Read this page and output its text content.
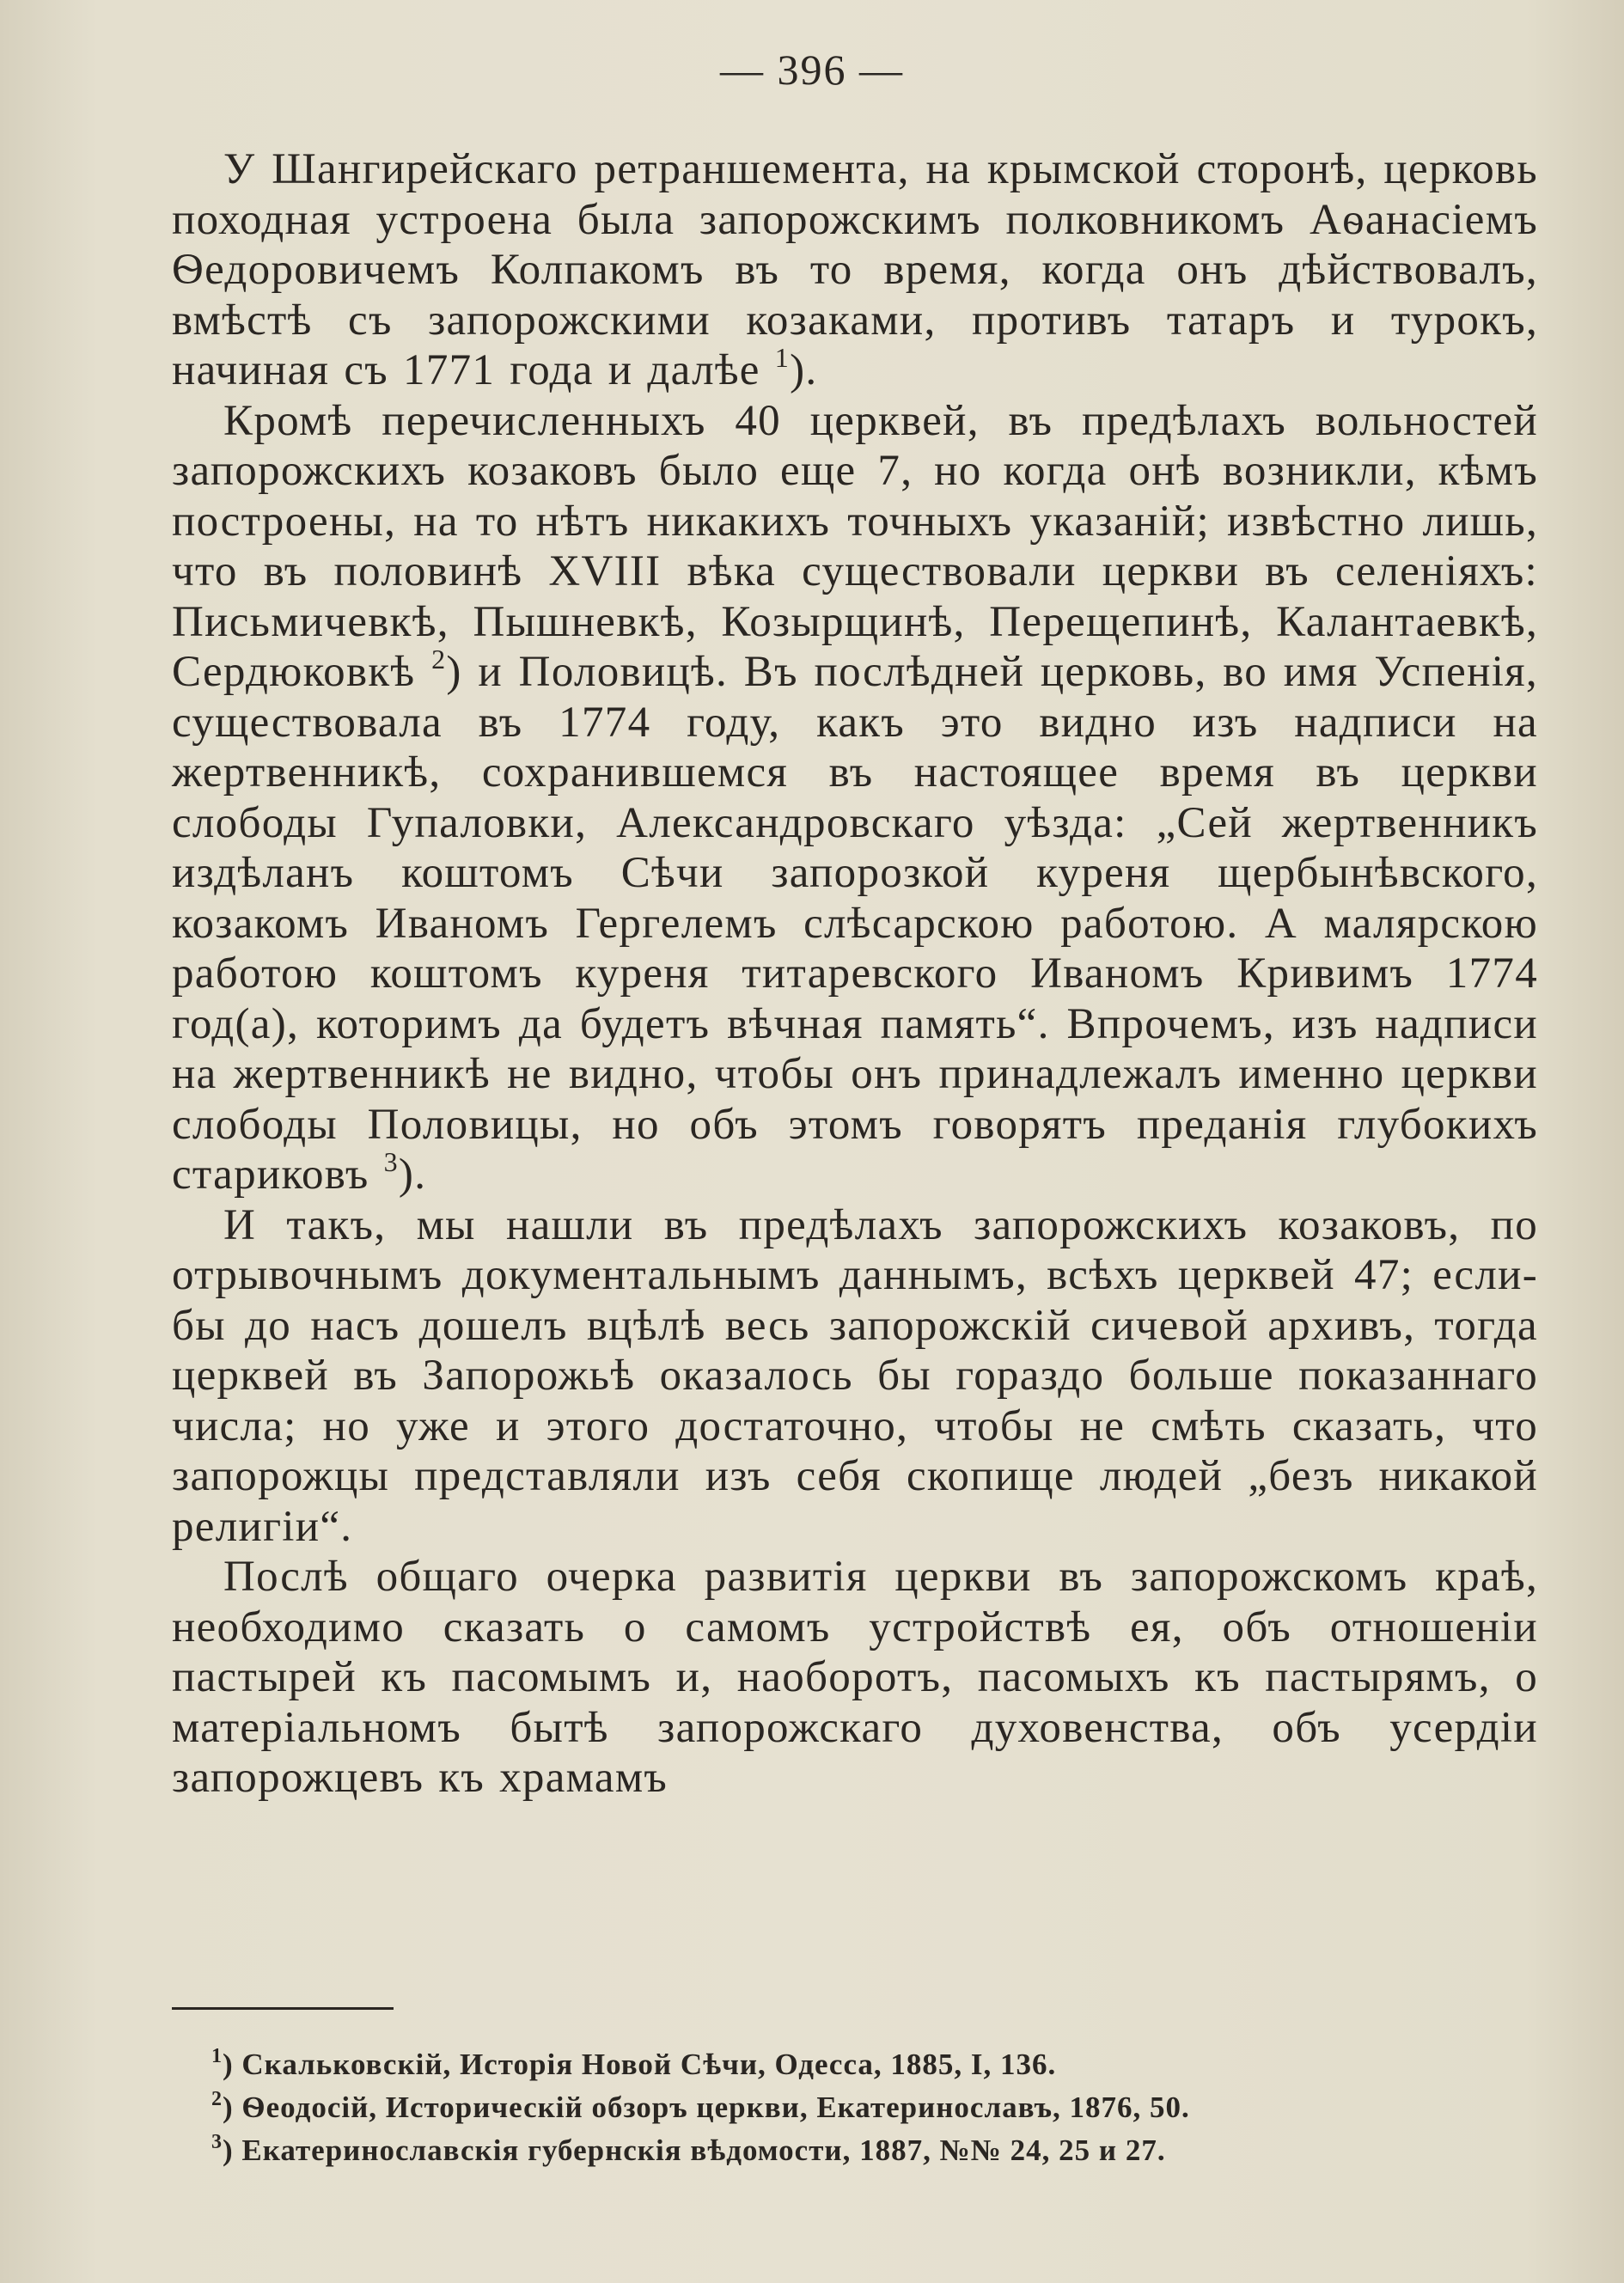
— 396 —

У Шангирейскаго ретраншемента, на крымской сторонѣ, церковь походная устроена была запорожскимъ полковникомъ Аѳанасіемъ Ѳедоровичемъ Колпакомъ въ то время, когда онъ дѣйствовалъ, вмѣстѣ съ запорожскими козаками, противъ татаръ и турокъ, начиная съ 1771 года и далѣе $^1$).

Кромѣ перечисленныхъ 40 церквей, въ предѣлахъ вольностей запорожскихъ козаковъ было еще 7, но когда онѣ возникли, кѣмъ построены, на то нѣтъ никакихъ точныхъ указаній; извѣстно лишь, что въ половинѣ XVIII вѣка существовали церкви въ селеніяхъ: Письмичевкѣ, Пышневкѣ, Козырщинѣ, Перещепинѣ, Калантаевкѣ, Сердюковкѣ $^2$) и Половицѣ. Въ послѣдней церковь, во имя Успенія, существовала въ 1774 году, какъ это видно изъ надписи на жертвенникѣ, сохранившемся въ настоящее время въ церкви слободы Гупаловки, Александровскаго уѣзда: „Сей жертвенникъ издѣланъ коштомъ Сѣчи запорозкой куреня щербынѣвского, козакомъ Иваномъ Гергелемъ слѣсарскою работою. А малярскою работою коштомъ куреня титаревского Иваномъ Кривимъ 1774 год(а), которимъ да будетъ вѣчная память“. Впрочемъ, изъ надписи на жертвенникѣ не видно, чтобы онъ принадлежалъ именно церкви слободы Половицы, но объ этомъ говорятъ преданія глубокихъ стариковъ $^3$).

И такъ, мы нашли въ предѣлахъ запорожскихъ козаковъ, по отрывочнымъ документальнымъ даннымъ, всѣхъ церквей 47; если-бы до насъ дошелъ вцѣлѣ весь запорожскій сичевой архивъ, тогда церквей въ Запорожьѣ оказалось бы гораздо больше показаннаго числа; но уже и этого достаточно, чтобы не смѣть сказать, что запорожцы представляли изъ себя скопище людей „безъ никакой религіи“.

Послѣ общаго очерка развитія церкви въ запорожскомъ краѣ, необходимо сказать о самомъ устройствѣ ея, объ отношеніи пастырей къ пасомымъ и, наоборотъ, пасомыхъ къ пастырямъ, о матеріальномъ бытѣ запорожскаго духовенства, объ усердіи запорожцевъ къ храмамъ

$^1$) Скальковскій, Исторія Новой Сѣчи, Одесса, 1885, I, 136.
$^2$) Ѳеодосій, Историческій обзоръ церкви, Екатеринославъ, 1876, 50.
$^3$) Екатеринославскія губернскія вѣдомости, 1887, №№ 24, 25 и 27.
